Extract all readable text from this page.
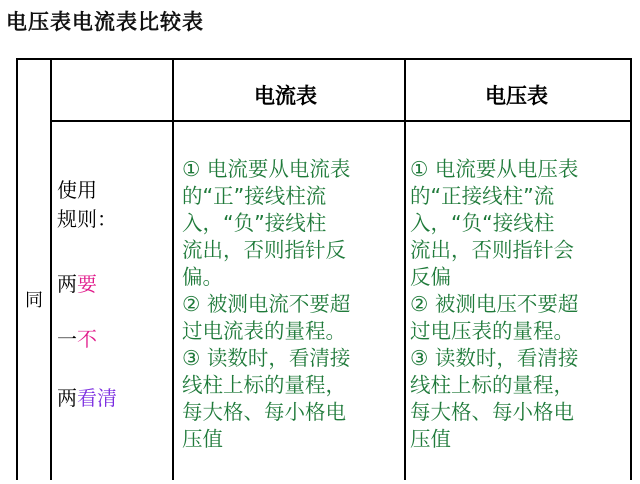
电压表电流表比较表
电流表	电压表
同
使用
规则：
两要
一不
两看清
① 电流要从电流表
的“正”接线柱流
入，“负”接线柱
流出，否则指针反
偏。
② 被测电流不要超
过电流表的量程。
③ 读数时，看清接
线柱上标的量程，
每大格、每小格电
压值
① 电流要从电压表
的“正接线柱”流
入，“负“接线柱
流出，否则指针会
反偏
② 被测电压不要超
过电压表的量程。
③ 读数时，看清接
线柱上标的量程，
每大格、每小格电
压值
